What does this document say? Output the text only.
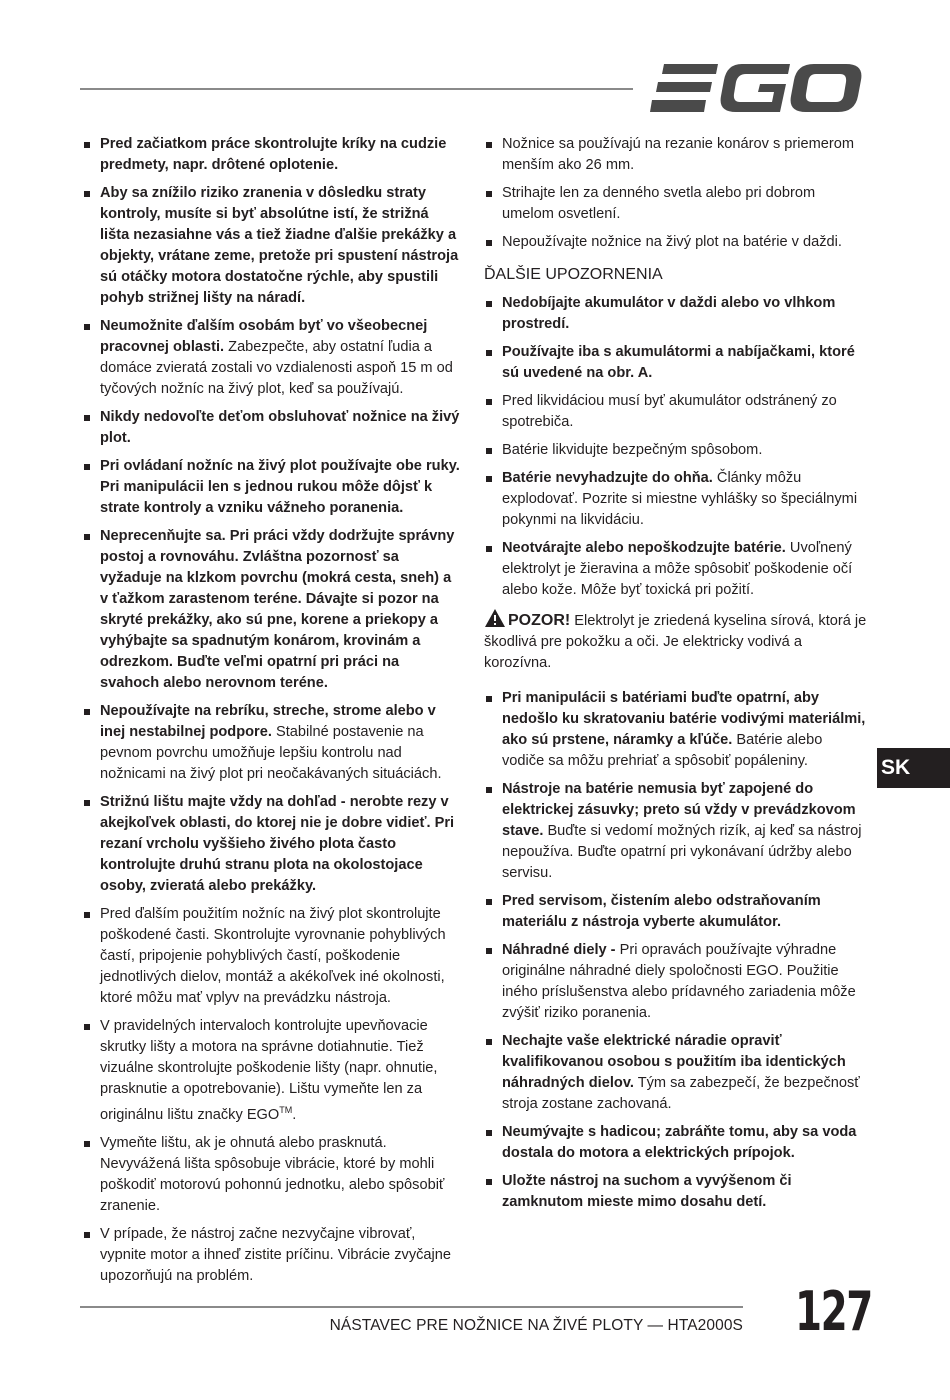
Pred začiatkom práce skontrolujte kríky na cudzie predmety, napr. drôtené oplotenie.
Aby sa znížilo riziko zranenia v dôsledku straty kontroly, musíte si byť absolútne istí, že strižná lišta nezasiahne vás a tiež žiadne ďalšie prekážky a objekty, vrátane zeme, pretože pri spustení nástroja sú otáčky motora dostatočne rýchle, aby spustili pohyb strižnej lišty na náradí.
Neumožnite ďalším osobám byť vo všeobecnej pracovnej oblasti. Zabezpečte, aby ostatní ľudia a domáce zvieratá zostali vo vzdialenosti aspoň 15 m od tyčových nožníc na živý plot, keď sa používajú.
Nikdy nedovoľte deťom obsluhovať nožnice na živý plot.
Pri ovládaní nožníc na živý plot používajte obe ruky. Pri manipulácii len s jednou rukou môže dôjsť k strate kontroly a vzniku vážneho poranenia.
Neprecenňujte sa. Pri práci vždy dodržujte správny postoj a rovnováhu. Zvláštna pozornosť sa vyžaduje na klzkom povrchu (mokrá cesta, sneh) a v ťažkom zarastenom teréne. Dávajte si pozor na skryté prekážky, ako sú pne, korene a priekopy a vyhýbajte sa spadnutým konárom, krovinám a odrezkom. Buďte veľmi opatrní pri práci na svahoch alebo nerovnom teréne.
Nepoužívajte na rebríku, streche, strome alebo v inej nestabilnej podpore. Stabilné postavenie na pevnom povrchu umožňuje lepšiu kontrolu nad nožnicami na živý plot pri neočakávaných situáciách.
Strižnú lištu majte vždy na dohľad - nerobte rezy v akejkoľvek oblasti, do ktorej nie je dobre vidieť. Pri rezaní vrcholu vyššieho živého plota často kontrolujte druhú stranu plota na okolostojace osoby, zvieratá alebo prekážky.
Pred ďalším použitím nožníc na živý plot skontrolujte poškodené časti. Skontrolujte vyrovnanie pohyblivých častí, pripojenie pohyblivých častí, poškodenie jednotlivých dielov, montáž a akékoľvek iné okolnosti, ktoré môžu mať vplyv na prevádzku nástroja.
V pravidelných intervaloch kontrolujte upevňovacie skrutky lišty a motora na správne dotiahnutie. Tiež vizuálne skontrolujte poškodenie lišty (napr. ohnutie, prasknutie a opotrebovanie). Lištu vymeňte len za originálnu lištu značky EGO™.
Vymeňte lištu, ak je ohnutá alebo prasknutá. Nevyvážená lišta spôsobuje vibrácie, ktoré by mohli poškodiť motorovú pohonnú jednotku, alebo spôsobiť zranenie.
V prípade, že nástroj začne nezvyčajne vibrovať, vypnite motor a ihneď zistite príčinu. Vibrácie zvyčajne upozorňujú na problém.
Nožnice sa používajú na rezanie konárov s priemerom menším ako 26 mm.
Strihajte len za denného svetla alebo pri dobrom umelom osvetlení.
Nepoužívajte nožnice na živý plot na batérie v daždi.
ĎALŠIE UPOZORNENIA
Nedobíjajte akumulátor v daždi alebo vo vlhkom prostredí.
Používajte iba s akumulátormi a nabíjačkami, ktoré sú uvedené na obr. A.
Pred likvidáciou musí byť akumulátor odstránený zo spotrebiča.
Batérie likvidujte bezpečným spôsobom.
Batérie nevyhadzujte do ohňa. Články môžu explodovať. Pozrite si miestne vyhlášky so špeciálnymi pokynmi na likvidáciu.
Neotvárajte alebo nepoškodzujte batérie. Uvoľnený elektrolyt je žieravina a môže spôsobiť poškodenie očí alebo kože. Môže byť toxická pri požití.
POZOR! Elektrolyt je zriedená kyselina sírová, ktorá je škodlivá pre pokožku a oči. Je elektricky vodivá a korozívna.
Pri manipulácii s batériami buďte opatrní, aby nedošlo ku skratovaniu batérie vodivými materiálmi, ako sú prstene, náramky a kľúče. Batérie alebo vodiče sa môžu prehriať a spôsobiť popáleniny.
Nástroje na batérie nemusia byť zapojené do elektrickej zásuvky; preto sú vždy v prevádzkovom stave. Buďte si vedomí možných rizík, aj keď sa nástroj nepoužíva. Buďte opatrní pri vykonávaní údržby alebo servisu.
Pred servisom, čistením alebo odstraňovaním materiálu z nástroja vyberte akumulátor.
Náhradné diely - Pri opravách používajte výhradne originálne náhradné diely spoločnosti EGO. Použitie iného príslušenstva alebo prídavného zariadenia môže zvýšiť riziko poranenia.
Nechajte vaše elektrické náradie opraviť kvalifikovanou osobou s použitím iba identických náhradných dielov. Tým sa zabezpečí, že bezpečnosť stroja zostane zachovaná.
Neumývajte s hadicou; zabráňte tomu, aby sa voda dostala do motora a elektrických prípojok.
Uložte nástroj na suchom a vyvýšenom či zamknutom mieste mimo dosahu detí.
SK
NÁSTAVEC PRE NOŽNICE NA ŽIVÉ PLOTY — HTA2000S 127
